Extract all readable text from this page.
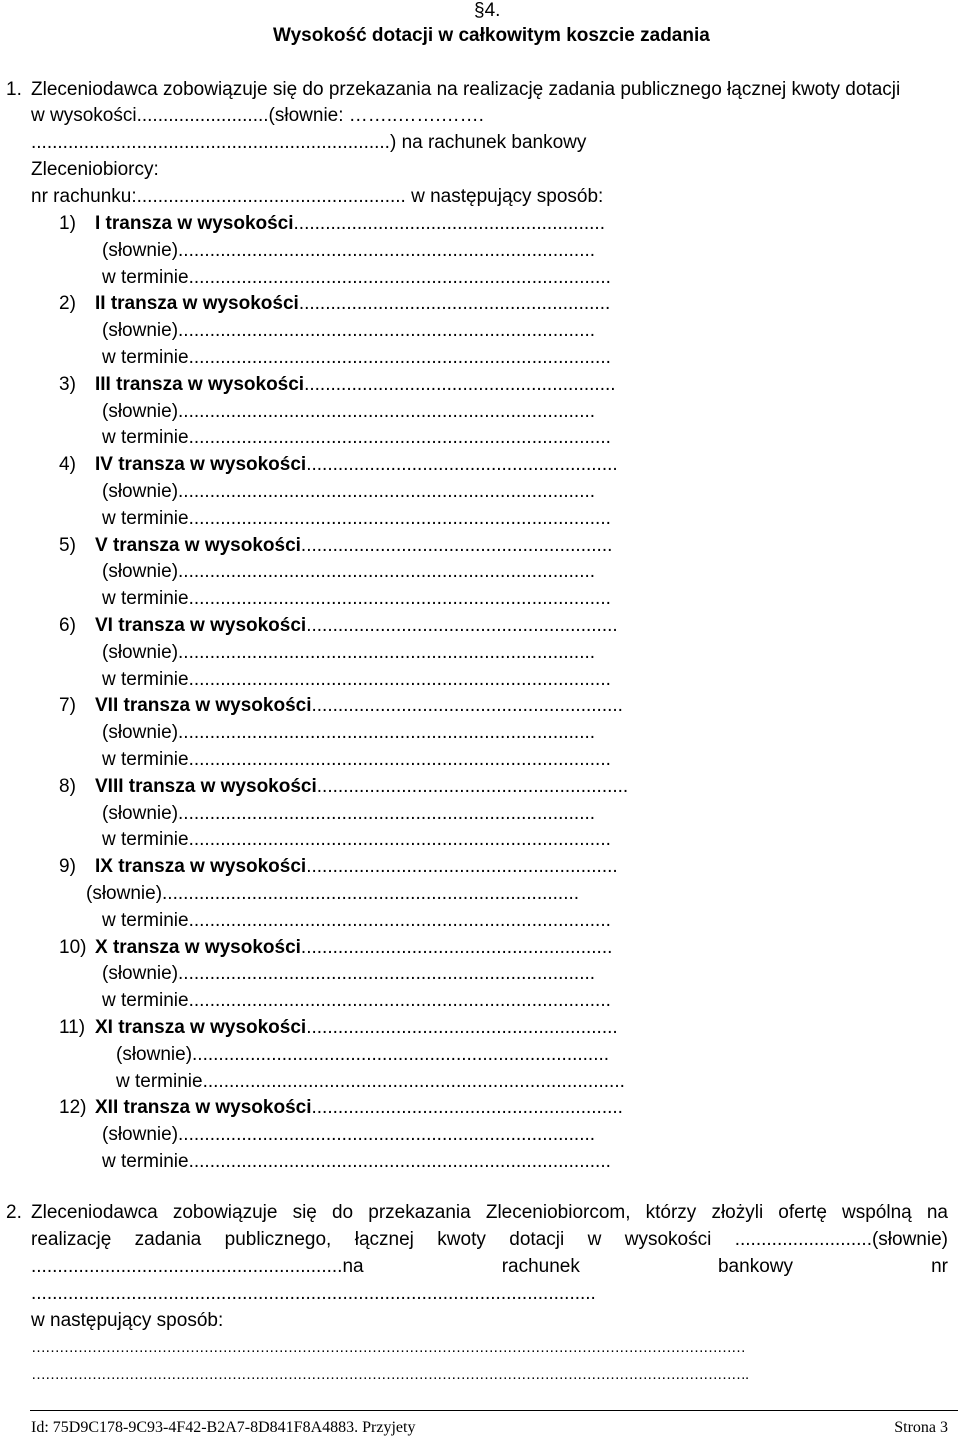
§4.
Wysokość dotacji w całkowitym koszcie zadania
1. Zleceniodawca zobowiązuje się do przekazania na realizację zadania publicznego łącznej kwoty dotacji
w wysokości.........................(słownie: ……..…….…….
....................................................................) na rachunek bankowy
Zleceniobiorcy:
nr rachunku:................................................... w następujący sposób:
1) I transza w wysokości...........................................................
(słownie)...............................................................................
w terminie................................................................................
2) II transza w wysokości...........................................................
(słownie)...............................................................................
w terminie................................................................................
3) III transza w wysokości...........................................................
(słownie)...............................................................................
w terminie................................................................................
4) IV transza w wysokości...........................................................
(słownie)...............................................................................
w terminie................................................................................
5) V transza w wysokości...........................................................
(słownie)...............................................................................
w terminie................................................................................
6) VI transza w wysokości...........................................................
(słownie)...............................................................................
w terminie................................................................................
7) VII transza w wysokości...........................................................
(słownie)...............................................................................
w terminie................................................................................
8) VIII transza w wysokości...........................................................
(słownie)...............................................................................
w terminie................................................................................
9) IX transza w wysokości...........................................................
(słownie)...............................................................................
w terminie................................................................................
10) X transza w wysokości...........................................................
(słownie)...............................................................................
w terminie................................................................................
11) XI transza w wysokości...........................................................
(słownie)...............................................................................
w terminie................................................................................
12) XII transza w wysokości...........................................................
(słownie)...............................................................................
w terminie................................................................................
2. Zleceniodawca zobowiązuje się do przekazania Zleceniobiorcom, którzy złożyli ofertę wspólną na
realizację zadania publicznego, łącznej kwoty dotacji w wysokości ..........................(słownie)
...........................................................na rachunek bankowy nr
...........................................................................................................
w następujący sposób:
………………………………………………………………………………………………………………………………………
……………………………………………………………………………………………………………………………………….
Id: 75D9C178-9C93-4F42-B2A7-8D841F8A4883. Przyjety	Strona 3
